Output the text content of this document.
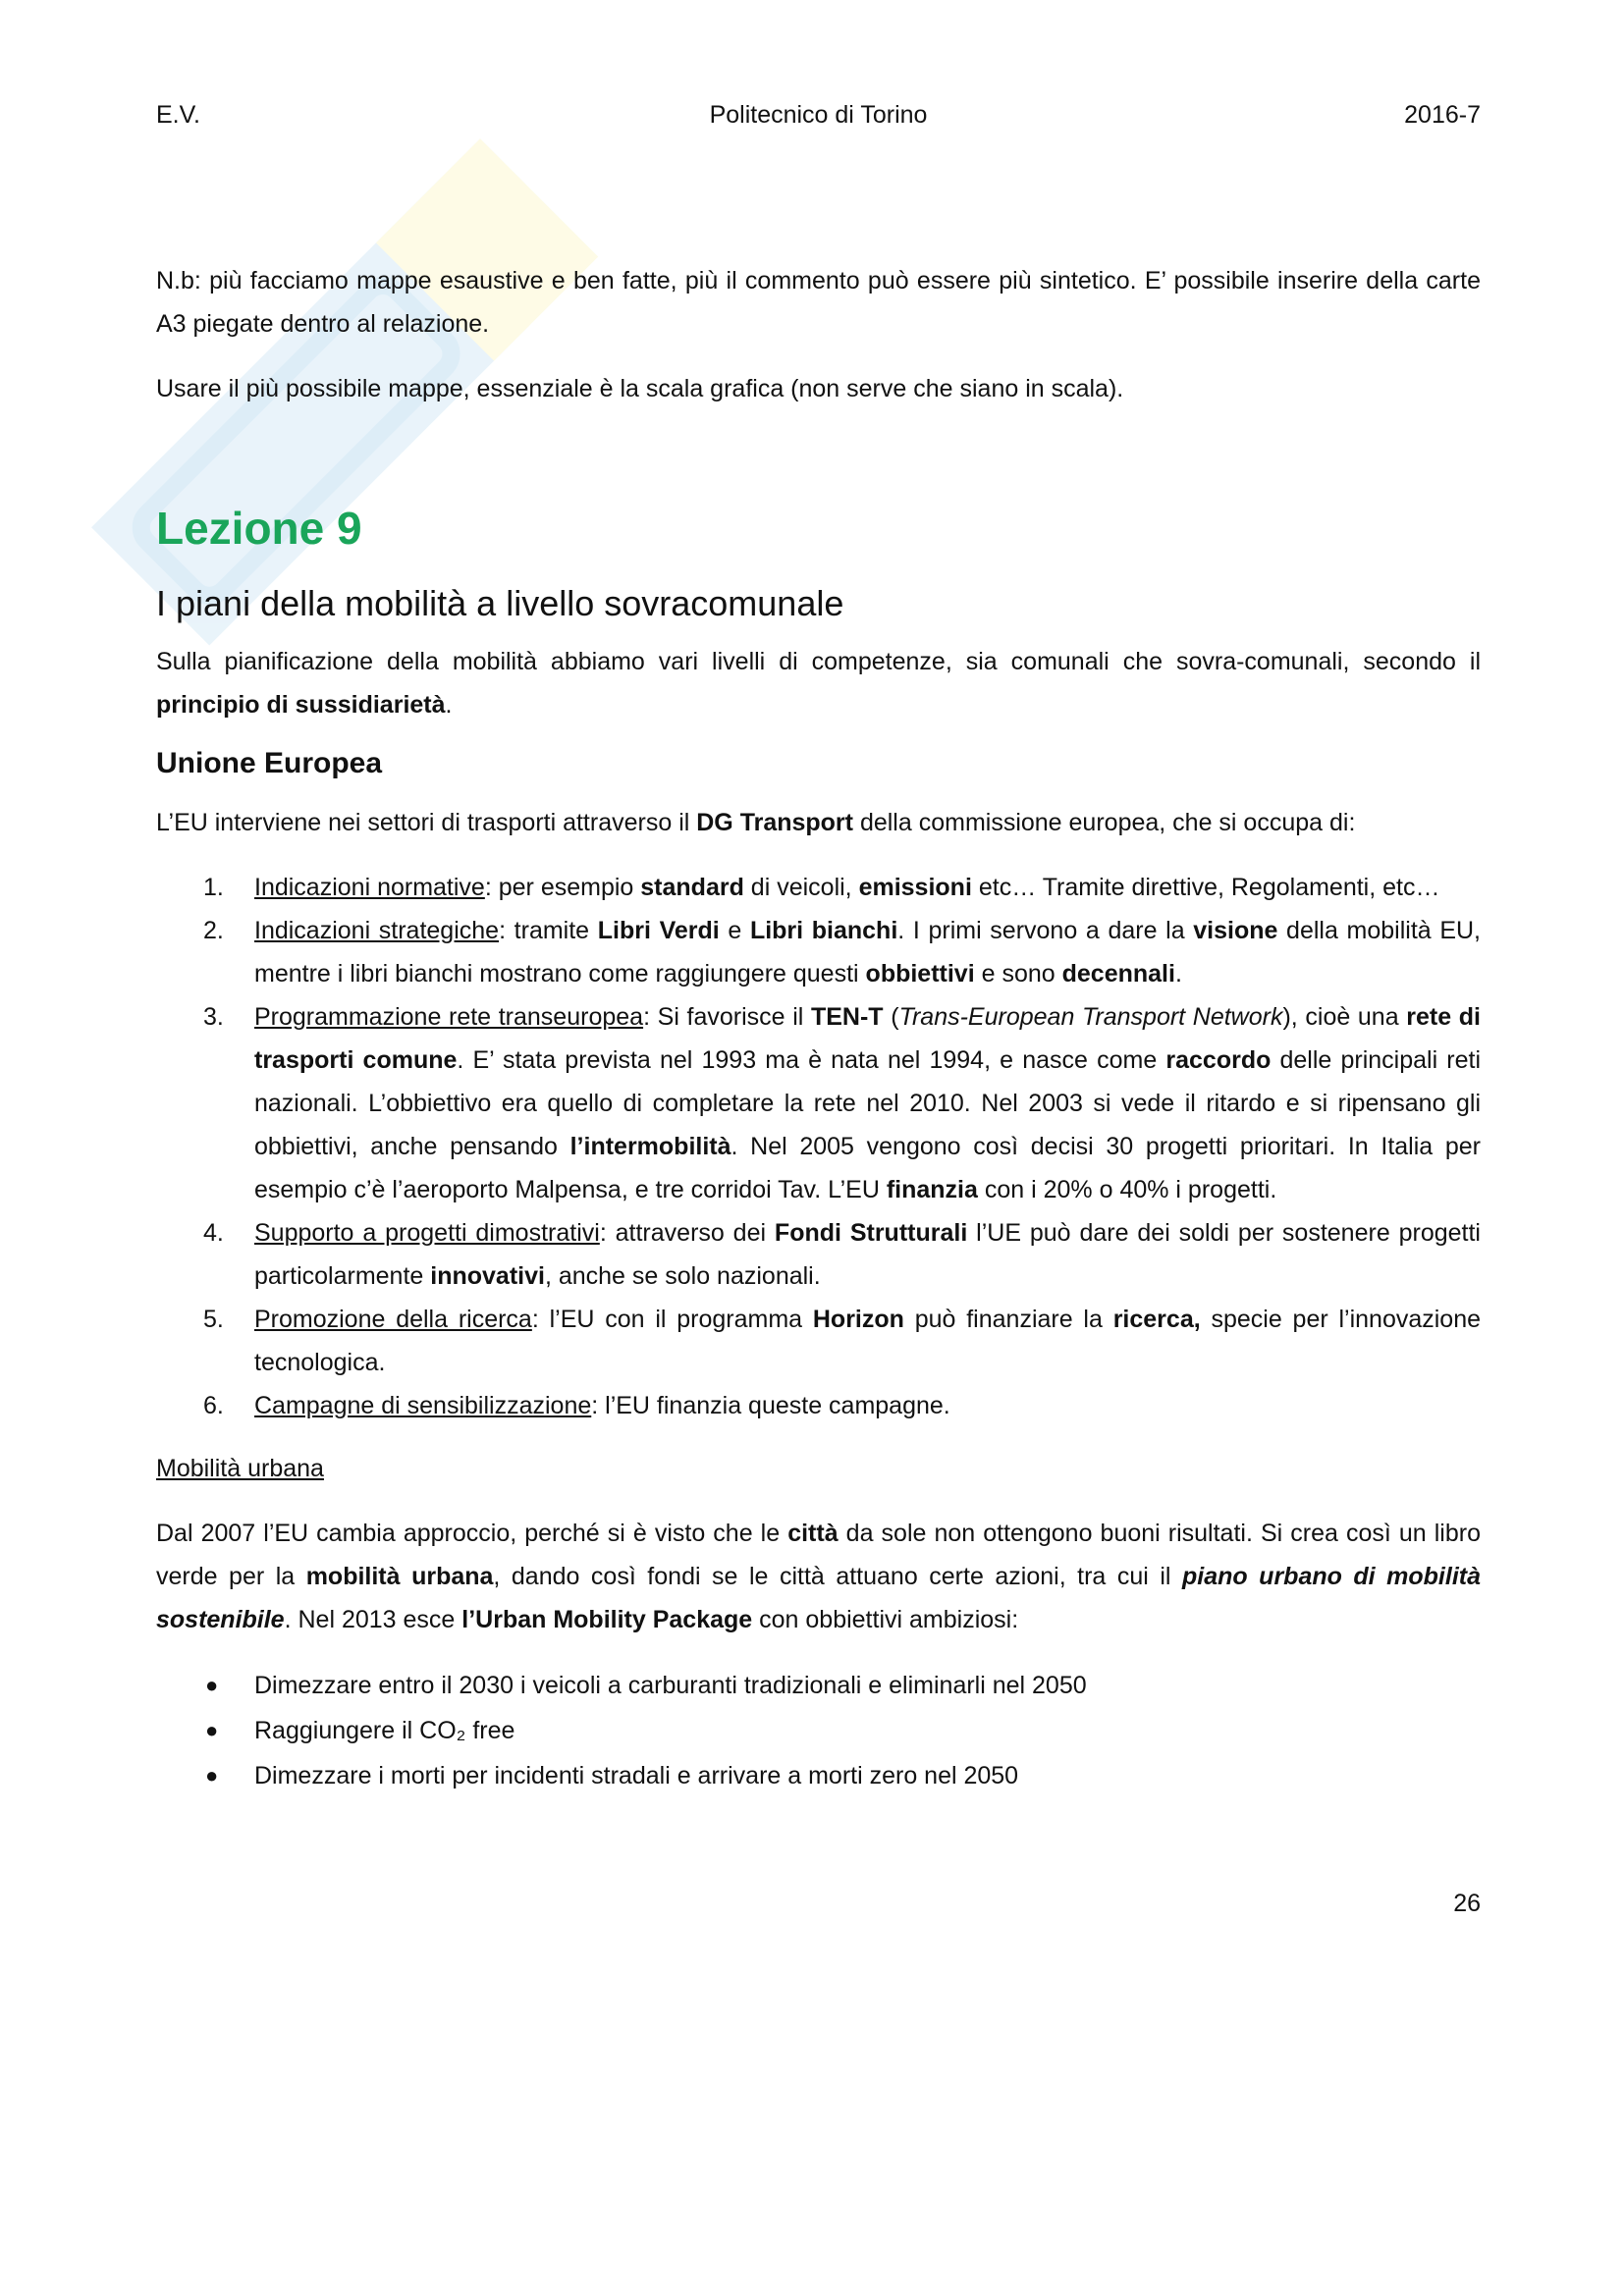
E.V.	Politecnico di Torino	2016-7

N.b: più facciamo mappe esaustive e ben fatte, più il commento può essere più sintetico. E’ possibile inserire della carte A3 piegate dentro al relazione.

Usare il più possibile mappe, essenziale è la scala grafica (non serve che siano in scala).

Lezione 9
I piani della mobilità a livello sovracomunale

Sulla pianificazione della mobilità abbiamo vari livelli di competenze, sia comunali che sovra-comunali, secondo il principio di sussidiarietà.

Unione Europea

L’EU interviene nei settori di trasporti attraverso il DG Transport della commissione europea, che si occupa di:

1. Indicazioni normative: per esempio standard di veicoli, emissioni etc… Tramite direttive, Regolamenti, etc…
2. Indicazioni strategiche: tramite Libri Verdi e Libri bianchi. I primi servono a dare la visione della mobilità EU, mentre i libri bianchi mostrano come raggiungere questi obbiettivi e sono decennali.
3. Programmazione rete transeuropea: Si favorisce il TEN-T (Trans-European Transport Network), cioè una rete di trasporti comune. E’ stata prevista nel 1993 ma è nata nel 1994, e nasce come raccordo delle principali reti nazionali. L’obbiettivo era quello di completare la rete nel 2010. Nel 2003 si vede il ritardo e si ripensano gli obbiettivi, anche pensando l’intermobilità. Nel 2005 vengono così decisi 30 progetti prioritari. In Italia per esempio c’è l’aeroporto Malpensa, e tre corridoi Tav. L’EU finanzia con i 20% o 40% i progetti.
4. Supporto a progetti dimostrativi: attraverso dei Fondi Strutturali l’UE può dare dei soldi per sostenere progetti particolarmente innovativi, anche se solo nazionali.
5. Promozione della ricerca: l’EU con il programma Horizon può finanziare la ricerca, specie per l’innovazione tecnologica.
6. Campagne di sensibilizzazione: l’EU finanzia queste campagne.

Mobilità urbana

Dal 2007 l’EU cambia approccio, perché si è visto che le città da sole non ottengono buoni risultati. Si crea così un libro verde per la mobilità urbana, dando così fondi se le città attuano certe azioni, tra cui il piano urbano di mobilità sostenibile. Nel 2013 esce l’Urban Mobility Package con obbiettivi ambiziosi:

● Dimezzare entro il 2030 i veicoli a carburanti tradizionali e eliminarli nel 2050
● Raggiungere il CO₂ free
● Dimezzare i morti per incidenti stradali e arrivare a morti zero nel 2050
26
